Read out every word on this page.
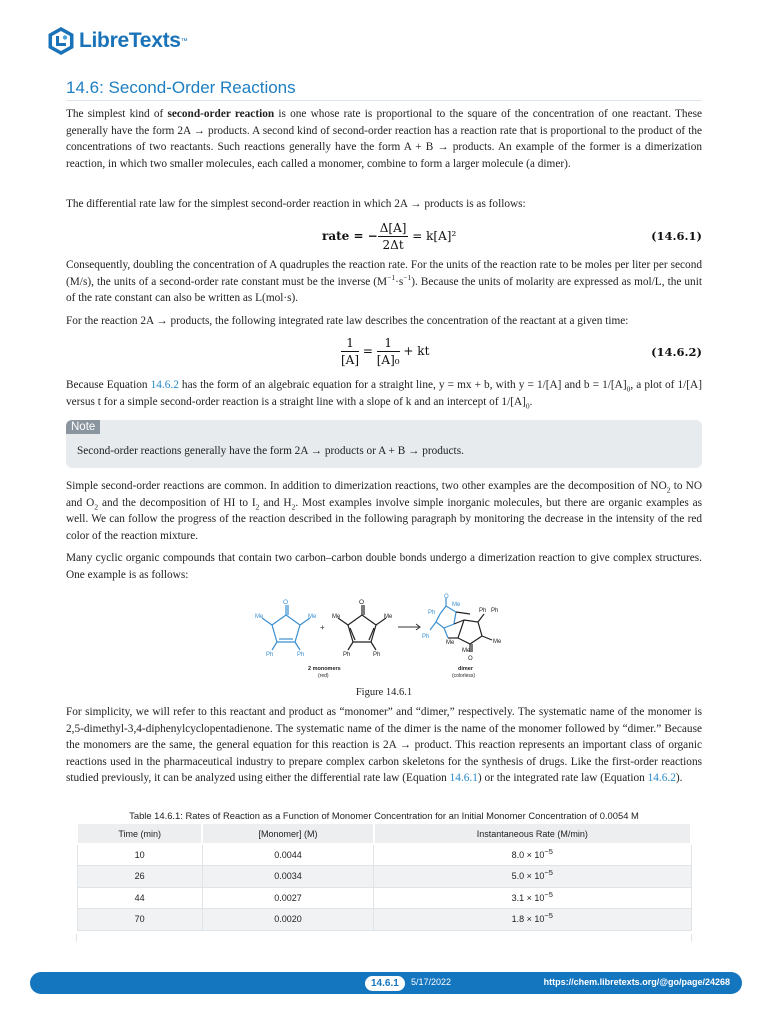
LibreTexts ™
14.6: Second-Order Reactions

The simplest kind of second-order reaction is one whose rate is proportional to the square of the concentration of one reactant. These generally have the form 2A → products. A second kind of second-order reaction has a reaction rate that is proportional to the product of the concentrations of two reactants. Such reactions generally have the form A + B → products. An example of the former is a dimerization reaction, in which two smaller molecules, each called a monomer, combine to form a larger molecule (a dimer).

The differential rate law for the simplest second-order reaction in which 2A → products is as follows:

rate = − $\frac{\Delta[A]}{2\Delta t} = k[A]^2$	(14.6.1)

Consequently, doubling the concentration of A quadruples the reaction rate. For the units of the reaction rate to be moles per liter per second (M/s), the units of a second-order rate constant must be the inverse $(M^{-1}\cdot s^{-1})$. Because the units of molarity are expressed as mol/L, the unit of the rate constant can also be written as L(mol·s).

For the reaction 2A → products, the following integrated rate law describes the concentration of the reactant at a given time:

$\frac{1}{[A]} = \frac{1}{\text{[A]₀}}$ + kt	(14.6.2)

Because Equation 14.6.2 has the form of an algebraic equation for a straight line, y = mx + b, with y = 1/[A] and $b = 1/[A]_0$, a plot of 1/[A] versus t for a simple second-order reaction is a straight line with a slope of k and an intercept of $1/[A]_0$.

Note
Second-order reactions generally have the form 2A → products or A + B → products.

Simple second-order reactions are common. In addition to dimerization reactions, two other examples are the decomposition of $NO_2$ to NO and $O_2$ and the decomposition of HI to $I_2$ and $H_2$. Most examples involve simple inorganic molecules, but there are organic examples as well. We can follow the progress of the reaction described in the following paragraph by monitoring the decrease in the intensity of the red color of the reaction mixture.

Many cyclic organic compounds that contain two carbon–carbon double bonds undergo a dimerization reaction to give complex structures. One example is as follows:

O
Me	Me
Ph	Ph
+
O
Me	Me
Ph	Ph
O
Me
Ph
Ph
Me
Ph Ph
Me
Me
O
2 monomers
(red)
dimer
(colorless)
Figure 14.6.1

For simplicity, we will refer to this reactant and product as “monomer” and “dimer,” respectively. The systematic name of the monomer is 2,5-dimethyl-3,4-diphenylcyclopentadienone. The systematic name of the dimer is the name of the monomer followed by “dimer.” Because the monomers are the same, the general equation for this reaction is 2A → product. This reaction represents an important class of organic reactions used in the pharmaceutical industry to prepare complex carbon skeletons for the synthesis of drugs. Like the first-order reactions studied previously, it can be analyzed using either the differential rate law (Equation 14.6.1) or the integrated rate law (Equation 14.6.2).

Table 14.6.1: Rates of Reaction as a Function of Monomer Concentration for an Initial Monomer Concentration of 0.0054 M
Time (min)	[Monomer] (M)	Instantaneous Rate (M/min)
10	0.0044	$8.0 \times 10^{-5}$
26	0.0034	$5.0 \times 10^{-5}$
44	0.0027	$3.1 \times 10^{-5}$
70	0.0020	$1.8 \times 10^{-5}$
14.6.1	5/17/2022	https://chem.libretexts.org/@go/page/24268
